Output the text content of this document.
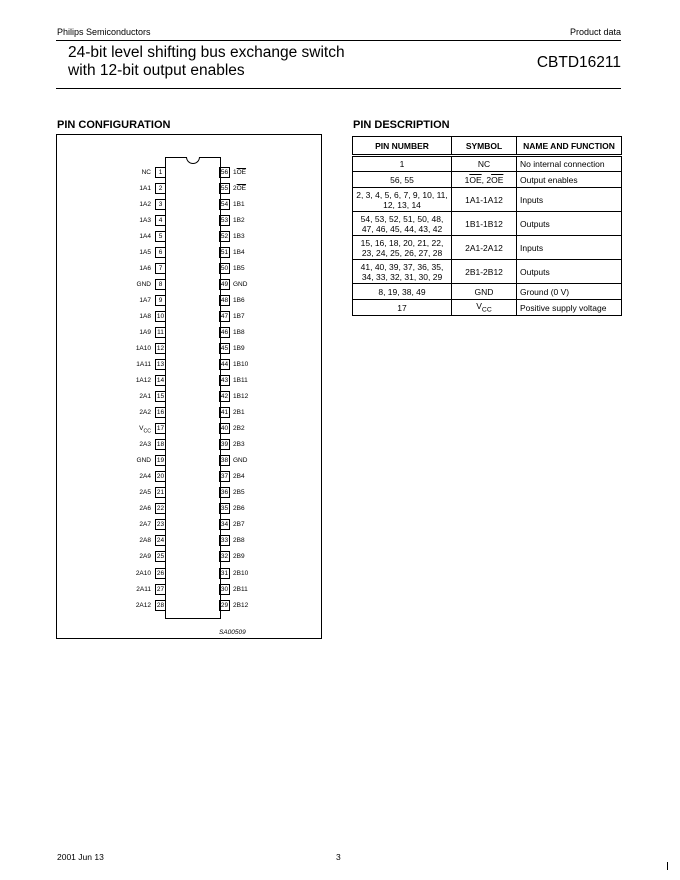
Philips Semiconductors	Product data
24-bit level shifting bus exchange switch
with 12-bit output enables	CBTD16211
PIN CONFIGURATION	PIN DESCRIPTION
NC	1
1A1	2
1A2	3
1A3	4
1A4	5
1A5	6
1A6	7
GND	8
1A7	9
1A8 10
1A9 11
1A10 12
1A11 13
1A12 14
2A1 15
2A2 16
$V_{CC}$ 17
2A3 18
GND 19
2A4 20
2A5 21
2A6 22
2A7 23
2A8 24
2A9 25
2A10 26
2A11 27
2A12 28
56 $1\overline{OE}$
55 $2\overline{OE}$
54 1B1
53 1B2
52 1B3
51 1B4
50 1B5
49 GND
48 1B6
47 1B7
46 1B8
45 1B9
44 1B10
43 1B11
42 1B12
41 2B1
40 2B2
39 2B3
38 GND
37 2B4
36 2B5
35 2B6
34 2B7
33 2B8
32 2B9
31 2B10
30 2B11
29 2B12
SA00509
PIN NUMBER	SYMBOL	NAME AND FUNCTION
1	NC	No internal connection
56, 55	$1\overline{OE}$, $2\overline{OE}$	Output enables
2, 3, 4, 5, 6, 7, 9, 10, 11, 12, 13, 14	1A1-1A12	Inputs
54, 53, 52, 51, 50, 48, 47, 46, 45, 44, 43, 42	1B1-1B12	Outputs
15, 16, 18, 20, 21, 22, 23, 24, 25, 26, 27, 28	2A1-2A12	Inputs
41, 40, 39, 37, 36, 35, 34, 33, 32, 31, 30, 29	2B1-2B12	Outputs
8, 19, 38, 49	GND	Ground (0 V)
17	$V_{CC}$	Positive supply voltage
2001 Jun 13	3
